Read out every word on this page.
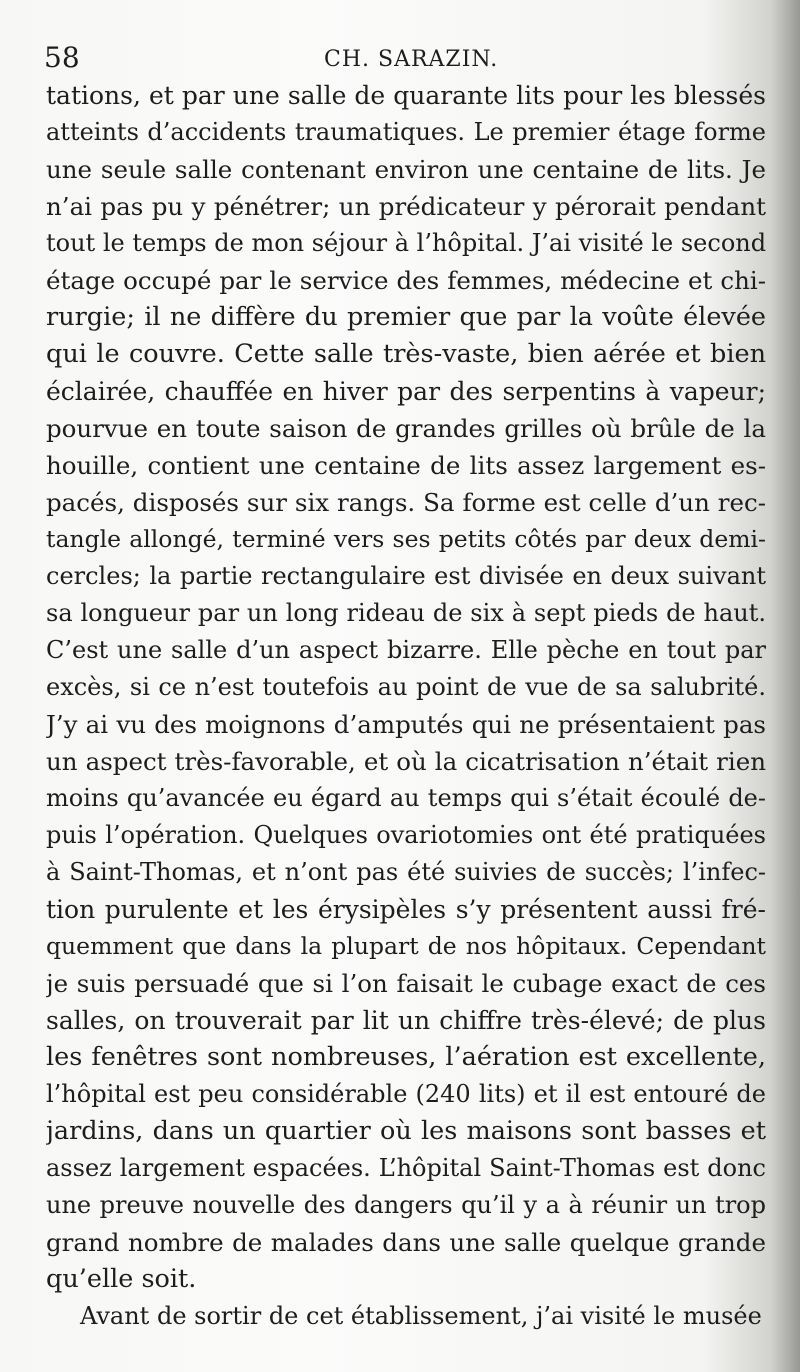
58	CH. SARAZIN.
tations, et par une salle de quarante lits pour les blessés
atteints d’accidents traumatiques. Le premier étage forme
une seule salle contenant environ une centaine de lits. Je
n’ai pas pu y pénétrer; un prédicateur y pérorait pendant
tout le temps de mon séjour à l’hôpital. J’ai visité le second
étage occupé par le service des femmes, médecine et chi-
rurgie; il ne diffère du premier que par la voûte élevée
qui le couvre. Cette salle très-vaste, bien aérée et bien
éclairée, chauffée en hiver par des serpentins à vapeur;
pourvue en toute saison de grandes grilles où brûle de la
houille, contient une centaine de lits assez largement es-
pacés, disposés sur six rangs. Sa forme est celle d’un rec-
tangle allongé, terminé vers ses petits côtés par deux demi-
cercles; la partie rectangulaire est divisée en deux suivant
sa longueur par un long rideau de six à sept pieds de haut.
C’est une salle d’un aspect bizarre. Elle pèche en tout par
excès, si ce n’est toutefois au point de vue de sa salubrité.
J’y ai vu des moignons d’amputés qui ne présentaient pas
un aspect très-favorable, et où la cicatrisation n’était rien
moins qu’avancée eu égard au temps qui s’était écoulé de-
puis l’opération. Quelques ovariotomies ont été pratiquées
à Saint-Thomas, et n’ont pas été suivies de succès; l’infec-
tion purulente et les érysipèles s’y présentent aussi fré-
quemment que dans la plupart de nos hôpitaux. Cependant
je suis persuadé que si l’on faisait le cubage exact de ces
salles, on trouverait par lit un chiffre très-élevé; de plus
les fenêtres sont nombreuses, l’aération est excellente,
l’hôpital est peu considérable (240 lits) et il est entouré de
jardins, dans un quartier où les maisons sont basses et
assez largement espacées. L’hôpital Saint-Thomas est donc
une preuve nouvelle des dangers qu’il y a à réunir un trop
grand nombre de malades dans une salle quelque grande
qu’elle soit.
Avant de sortir de cet établissement, j’ai visité le musée
